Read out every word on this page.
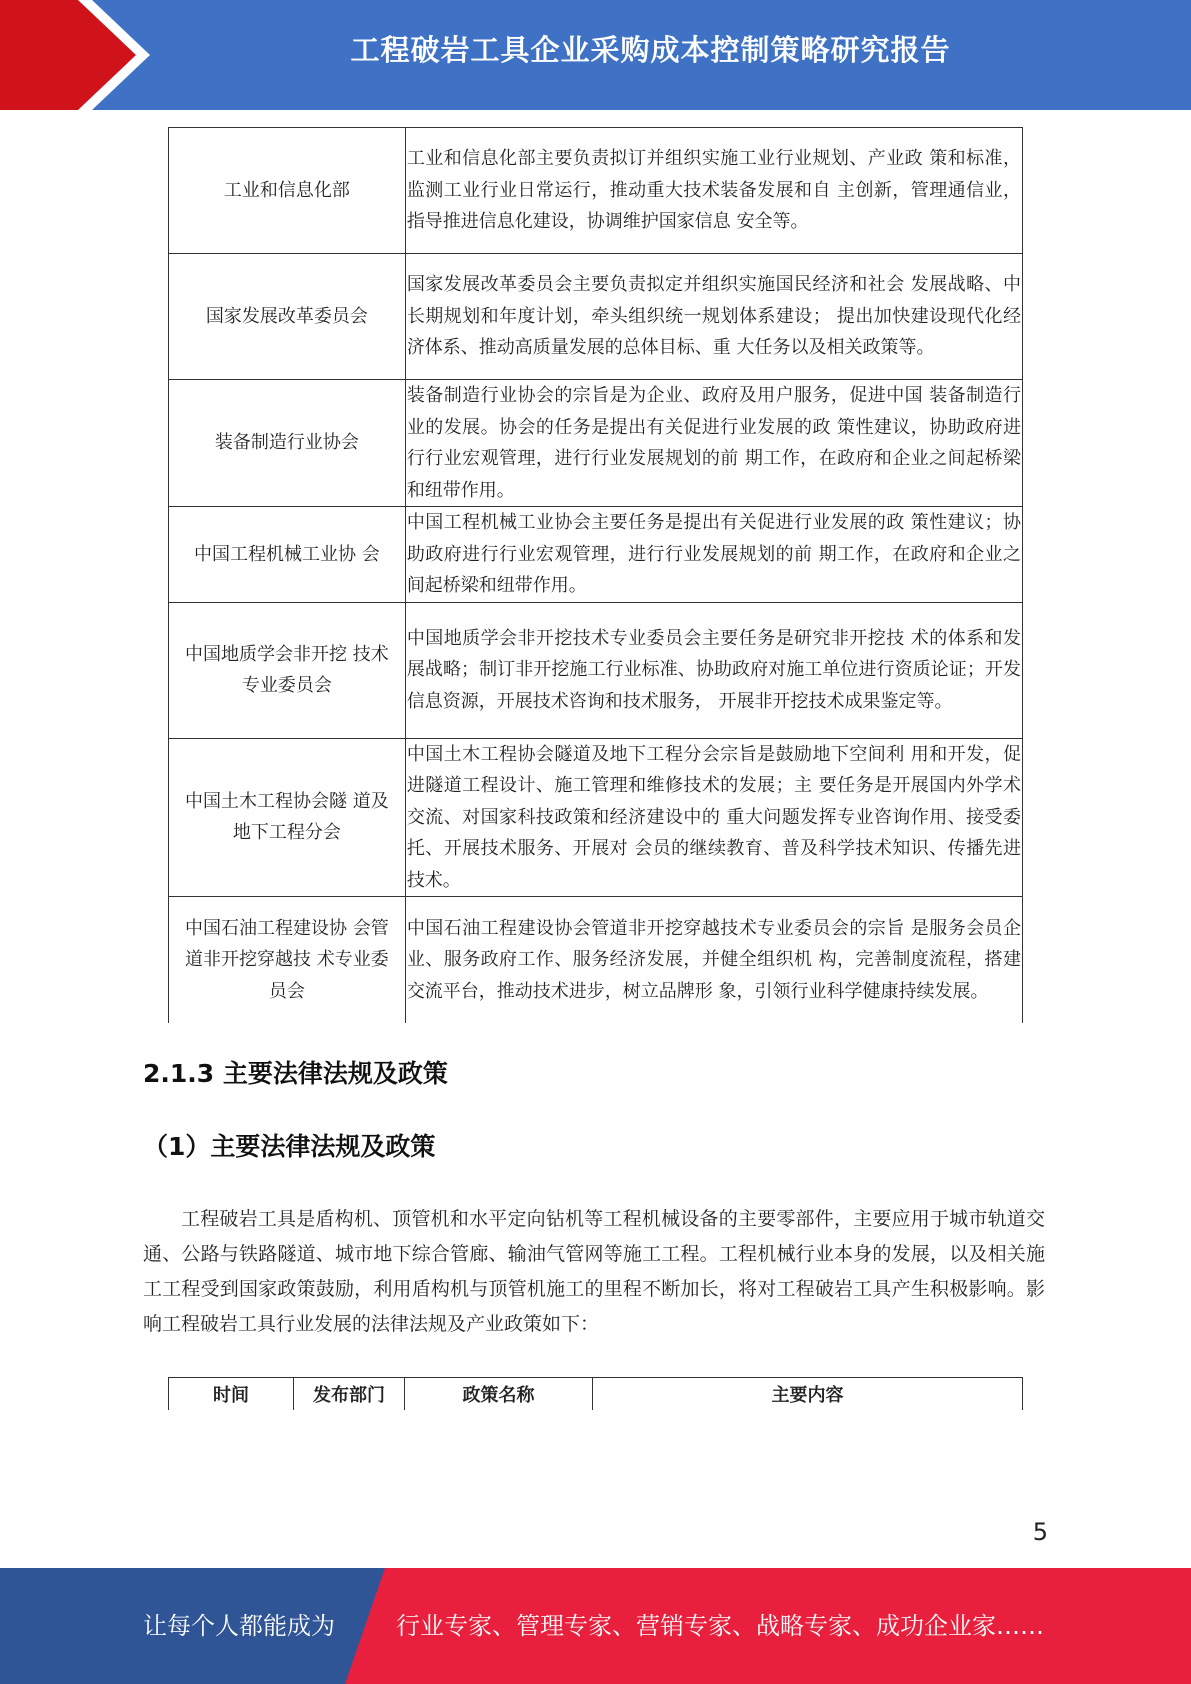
工程破岩工具企业采购成本控制策略研究报告
工业和信息化部	工业和信息化部主要负责拟订并组织实施工业行业规划、产业政 策和标准，监测工业行业日常运行，推动重大技术装备发展和自 主创新，管理通信业，指导推进信息化建设，协调维护国家信息 安全等。
国家发展改革委员会	国家发展改革委员会主要负责拟定并组织实施国民经济和社会 发展战略、中长期规划和年度计划，牵头组织统一规划体系建设； 提出加快建设现代化经济体系、推动高质量发展的总体目标、重 大任务以及相关政策等。
装备制造行业协会	装备制造行业协会的宗旨是为企业、政府及用户服务，促进中国 装备制造行业的发展。协会的任务是提出有关促进行业发展的政 策性建议，协助政府进行行业宏观管理，进行行业发展规划的前 期工作，在政府和企业之间起桥梁和纽带作用。
中国工程机械工业协 会	中国工程机械工业协会主要任务是提出有关促进行业发展的政 策性建议；协助政府进行行业宏观管理，进行行业发展规划的前 期工作，在政府和企业之间起桥梁和纽带作用。
中国地质学会非开挖 技术专业委员会	中国地质学会非开挖技术专业委员会主要任务是研究非开挖技 术的体系和发展战略；制订非开挖施工行业标准、协助政府对施工单位进行资质论证；开发信息资源，开展技术咨询和技术服务， 开展非开挖技术成果鉴定等。
中国土木工程协会隧 道及地下工程分会	中国土木工程协会隧道及地下工程分会宗旨是鼓励地下空间利 用和开发，促进隧道工程设计、施工管理和维修技术的发展；主 要任务是开展国内外学术交流、对国家科技政策和经济建设中的 重大问题发挥专业咨询作用、接受委托、开展技术服务、开展对 会员的继续教育、普及科学技术知识、传播先进技术。
中国石油工程建设协 会管道非开挖穿越技 术专业委员会	中国石油工程建设协会管道非开挖穿越技术专业委员会的宗旨 是服务会员企业、服务政府工作、服务经济发展，并健全组织机 构，完善制度流程，搭建交流平台，推动技术进步，树立品牌形 象，引领行业科学健康持续发展。
2.1.3 主要法律法规及政策
（1）主要法律法规及政策
工程破岩工具是盾构机、顶管机和水平定向钻机等工程机械设备的主要零部件，主要应用于城市轨道交通、公路与铁路隧道、城市地下综合管廊、输油气管网等施工工程。工程机械行业本身的发展，以及相关施工工程受到国家政策鼓励，利用盾构机与顶管机施工的里程不断加长，将对工程破岩工具产生积极影响。影响工程破岩工具行业发展的法律法规及产业政策如下：
时间	发布部门	政策名称	主要内容
5
让每个人都能成为	行业专家、管理专家、营销专家、战略专家、成功企业家……
